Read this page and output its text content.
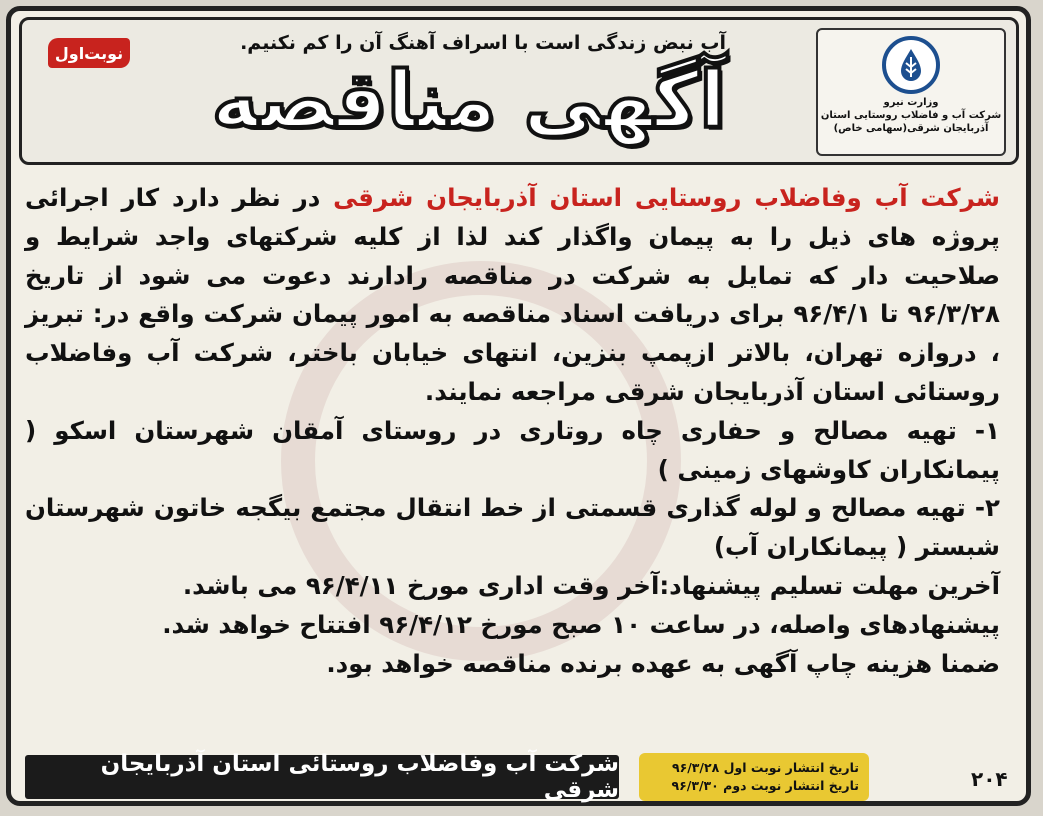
وزارت نیرو
شرکت آب و فاضلاب روستایی استان
آذربایجان شرقی(سهامی خاص)
آب نبض زندگی است با اسراف آهنگ آن را کم نکنیم.
نوبت‌اول
آگهی مناقصه

شرکت آب وفاضلاب روستایی استان آذربایجان شرقی در نظر دارد کار اجرائی پروژه های ذیل را به پیمان واگذار کند لذا از کلیه شرکتهای واجد شرایط و صلاحیت دار که تمایل به شرکت در مناقصه رادارند دعوت می شود از تاریخ ۹۶/۳/۲۸ تا ۹۶/۴/۱ برای دریافت اسناد مناقصه به امور پیمان شرکت واقع در: تبریز ، دروازه تهران، بالاتر ازپمپ بنزین، انتهای خیابان باختر، شرکت آب وفاضلاب روستائی استان آذربایجان شرقی مراجعه نمایند.

۱- تهیه مصالح و حفاری چاه روتاری در روستای آمقان شهرستان اسکو ( پیمانکاران کاوشهای زمینی )

۲- تهیه مصالح و لوله گذاری قسمتی از خط انتقال مجتمع بیگجه خاتون شهرستان شبستر ( پیمانکاران آب)

آخرین مهلت تسلیم پیشنهاد:آخر وقت اداری مورخ ۹۶/۴/۱۱ می باشد.

پیشنهادهای واصله، در ساعت ۱۰ صبح مورخ ۹۶/۴/۱۲ افتتاح خواهد شد.

ضمنا هزینه چاپ آگهی به عهده برنده مناقصه خواهد بود.

۲۰۴
تاریخ انتشار نوبت اول ۹۶/۳/۲۸
تاریخ انتشار نوبت دوم ۹۶/۳/۳۰
شرکت آب وفاضلاب روستائی استان آذربایجان شرقی
